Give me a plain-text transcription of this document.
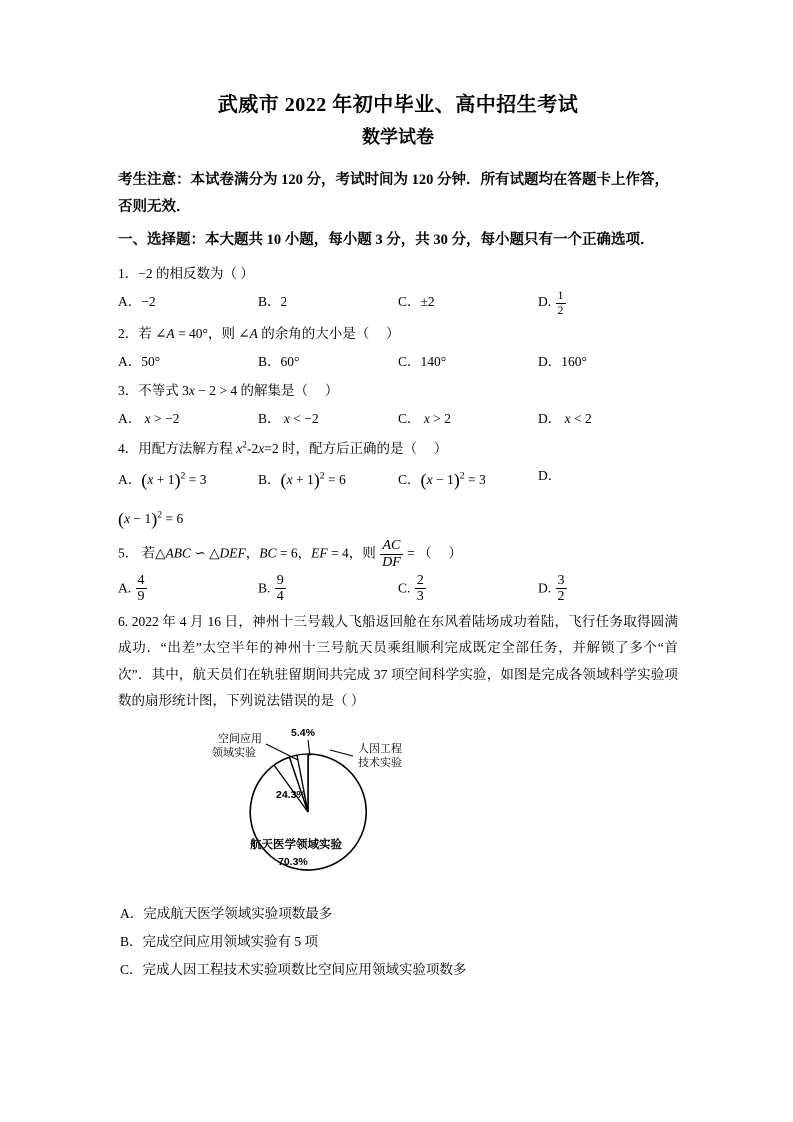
武威市 2022 年初中毕业、高中招生考试
数学试卷

考生注意：本试卷满分为 120 分，考试时间为 120 分钟．所有试题均在答题卡上作答，否则无效．

一、选择题：本大题共 10 小题，每小题 3 分，共 30 分，每小题只有一个正确选项．

1．−2 的相反数为（ ）

A．−2	B．2	C．±2	D. $\frac{1}{2}$

2．若 ∠A = 40°，则 ∠A 的余角的大小是（     ）

A．50°	B．60°	C．140°	D．160°

3．不等式 3x − 2 > 4 的解集是（     ）

A． x > −2	B． x < −2	C． x > 2	D． x < 2

4．用配方法解方程 $x^2-2x=2$ 时，配方后正确的是（     ）

A．$(x + 1)^2 = 3$	B．$(x + 1)^2 = 6$	C．$(x - 1)^2 = 3$	D．

$(x - 1)^2 = 6$

5． 若△ABC ∽ △DEF，BC = 6，EF = 4，则 $\frac{AC}{DF}$ = （     ）

A. $\frac{4}{9}$	B. $\frac{9}{4}$	C. $\frac{2}{3}$	D. $\frac{3}{2}$

6. 2022 年 4 月 16 日，神州十三号载人飞船返回舱在东风着陆场成功着陆，飞行任务取得圆满成功．“出差”太空半年的神州十三号航天员乘组顺利完成既定全部任务，并解锁了多个“首次”．其中，航天员们在轨驻留期间共完成 37 项空间科学实验，如图是完成各领域科学实验项数的扇形统计图，下列说法错误的是（ ）

空间应用
领域实验
5.4%
人因工程
技术实验
24.3%
航天医学领域实验
70.3%

A．完成航天医学领域实验项数最多

B．完成空间应用领域实验有 5 项

C．完成人因工程技术实验项数比空间应用领域实验项数多
